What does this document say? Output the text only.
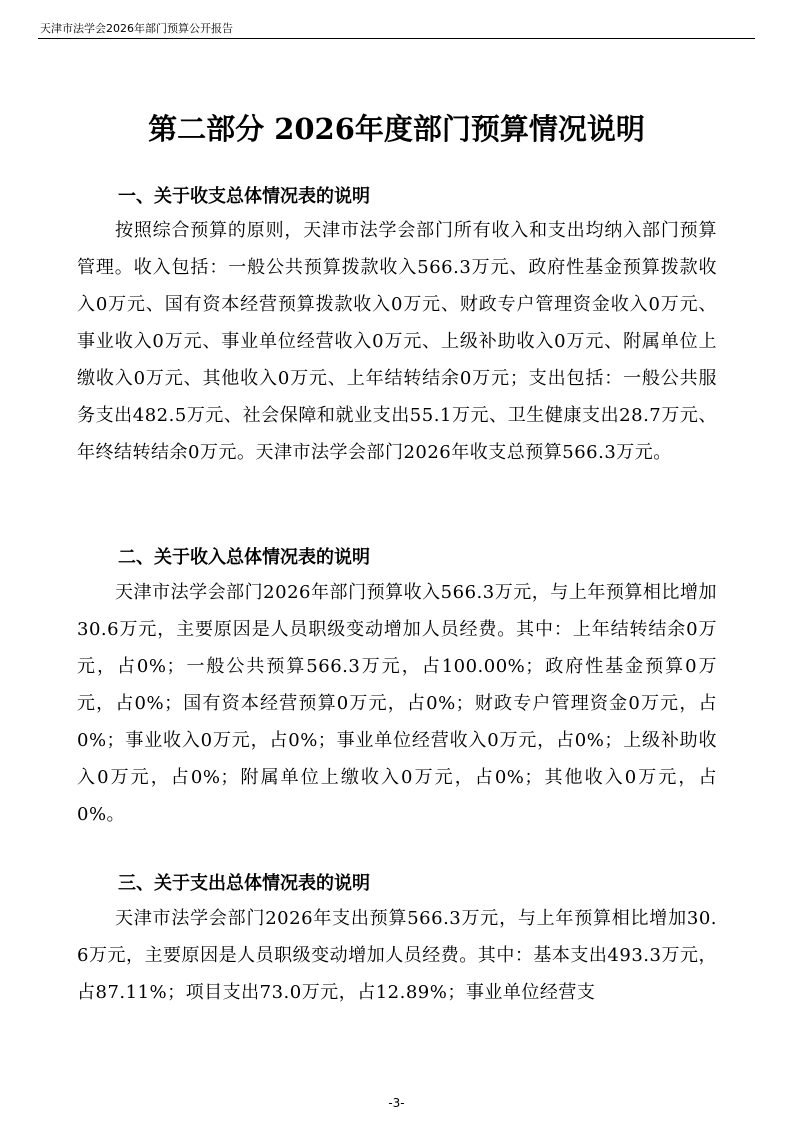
天津市法学会2026年部门预算公开报告
第二部分 2026年度部门预算情况说明
一、关于收支总体情况表的说明

按照综合预算的原则，天津市法学会部门所有收入和支出均纳入部门预算管理。收入包括：一般公共预算拨款收入566.3万元、政府性基金预算拨款收入0万元、国有资本经营预算拨款收入0万元、财政专户管理资金收入0万元、事业收入0万元、事业单位经营收入0万元、上级补助收入0万元、附属单位上缴收入0万元、其他收入0万元、上年结转结余0万元；支出包括：一般公共服务支出482.5万元、社会保障和就业支出55.1万元、卫生健康支出28.7万元、年终结转结余0万元。天津市法学会部门2026年收支总预算566.3万元。

二、关于收入总体情况表的说明

天津市法学会部门2026年部门预算收入566.3万元，与上年预算相比增加30.6万元，主要原因是人员职级变动增加人员经费。其中：上年结转结余0万元，占0%；一般公共预算566.3万元，占100.00%；政府性基金预算0万元，占0%；国有资本经营预算0万元，占0%；财政专户管理资金0万元，占0%；事业收入0万元，占0%；事业单位经营收入0万元，占0%；上级补助收入0万元，占0%；附属单位上缴收入0万元，占0%；其他收入0万元，占0%。

三、关于支出总体情况表的说明

天津市法学会部门2026年支出预算566.3万元，与上年预算相比增加30.6万元，主要原因是人员职级变动增加人员经费。其中：基本支出493.3万元，占87.11%；项目支出73.0万元，占12.89%；事业单位经营支

-3-
